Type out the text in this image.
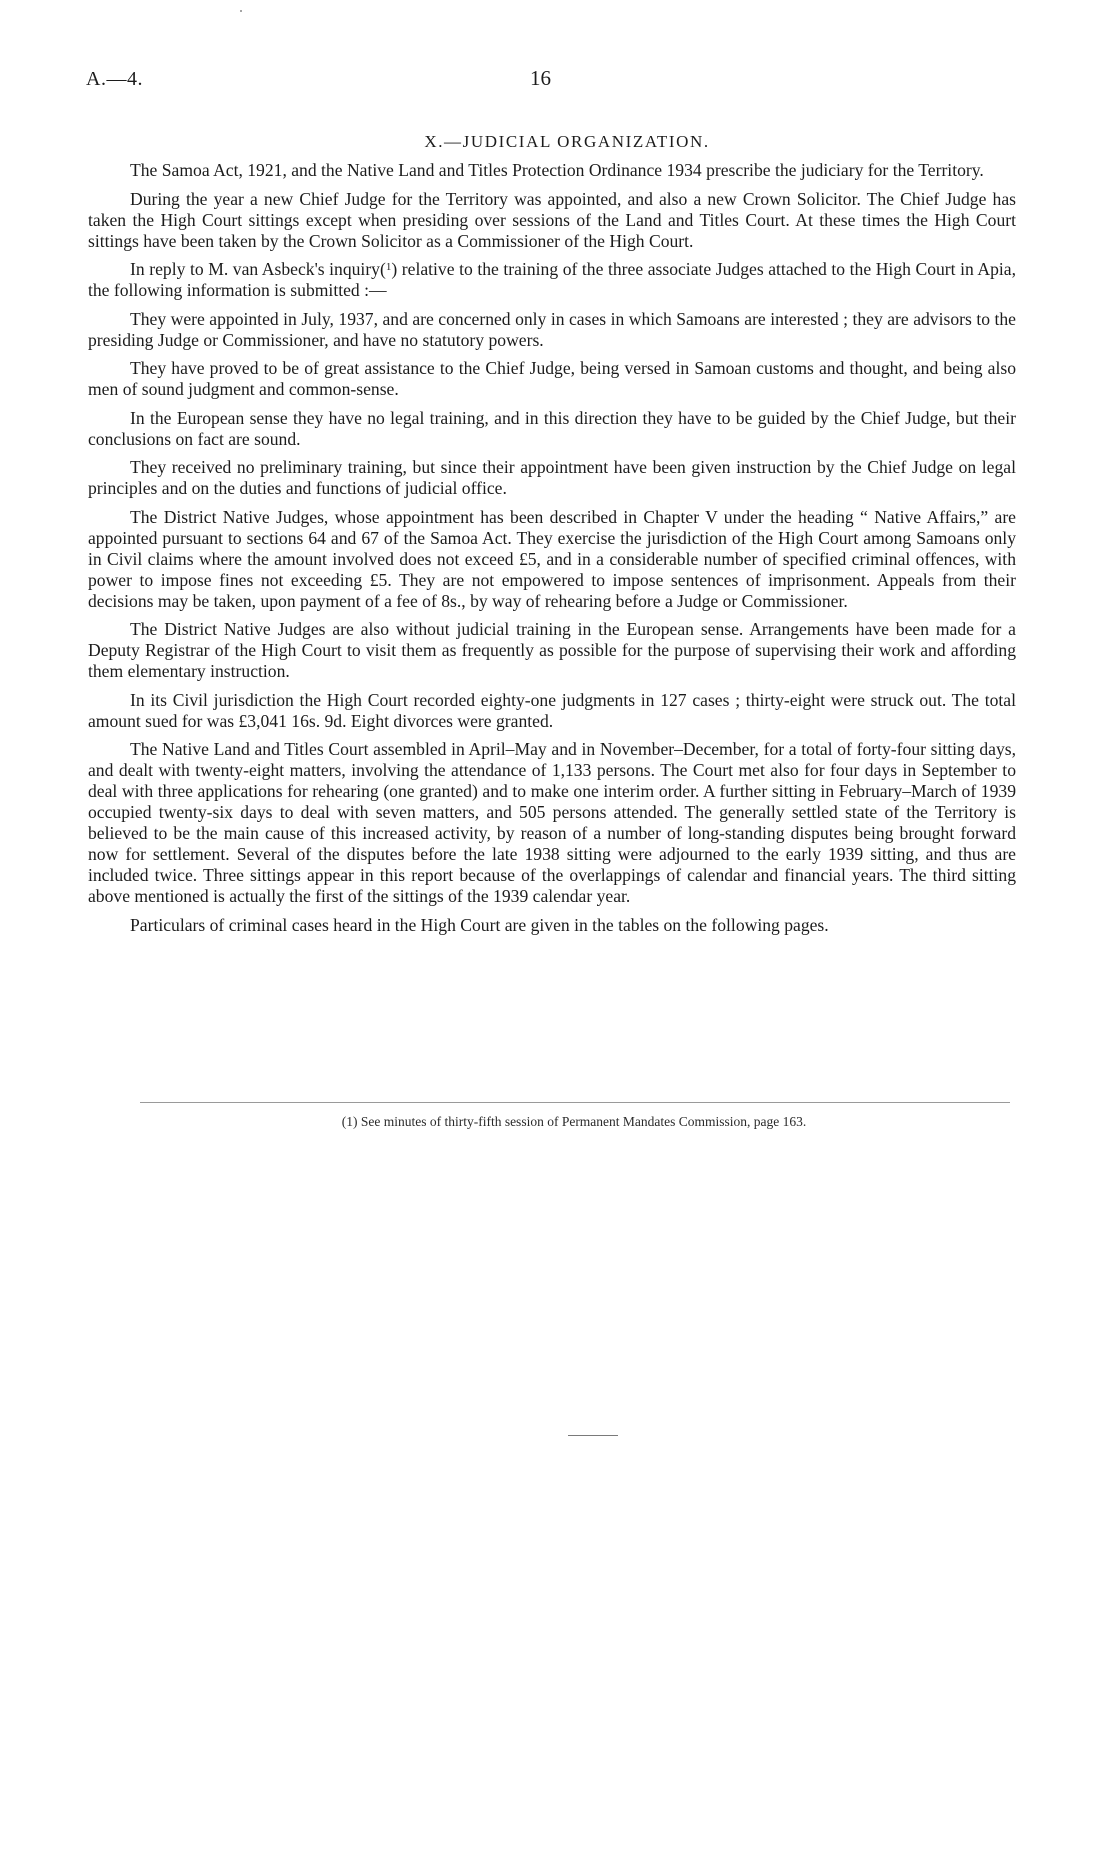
A.—4.	16
X.—JUDICIAL ORGANIZATION.

The Samoa Act, 1921, and the Native Land and Titles Protection Ordinance 1934 prescribe the judiciary for the Territory.

During the year a new Chief Judge for the Territory was appointed, and also a new Crown Solicitor. The Chief Judge has taken the High Court sittings except when presiding over sessions of the Land and Titles Court. At these times the High Court sittings have been taken by the Crown Solicitor as a Commissioner of the High Court.

In reply to M. van Asbeck's inquiry($^1$) relative to the training of the three associate Judges attached to the High Court in Apia, the following information is submitted :—

They were appointed in July, 1937, and are concerned only in cases in which Samoans are interested ; they are advisors to the presiding Judge or Commissioner, and have no statutory powers.

They have proved to be of great assistance to the Chief Judge, being versed in Samoan customs and thought, and being also men of sound judgment and common-sense.

In the European sense they have no legal training, and in this direction they have to be guided by the Chief Judge, but their conclusions on fact are sound.

They received no preliminary training, but since their appointment have been given instruction by the Chief Judge on legal principles and on the duties and functions of judicial office.

The District Native Judges, whose appointment has been described in Chapter V under the heading “ Native Affairs,” are appointed pursuant to sections 64 and 67 of the Samoa Act. They exercise the jurisdiction of the High Court among Samoans only in Civil claims where the amount involved does not exceed £5, and in a considerable number of specified criminal offences, with power to impose fines not exceeding £5. They are not empowered to impose sentences of imprisonment. Appeals from their decisions may be taken, upon payment of a fee of 8s., by way of rehearing before a Judge or Commissioner.

The District Native Judges are also without judicial training in the European sense. Arrangements have been made for a Deputy Registrar of the High Court to visit them as frequently as possible for the purpose of supervising their work and affording them elementary instruction.

In its Civil jurisdiction the High Court recorded eighty-one judgments in 127 cases ; thirty-eight were struck out. The total amount sued for was £3,041 16s. 9d. Eight divorces were granted.

The Native Land and Titles Court assembled in April–May and in November–December, for a total of forty-four sitting days, and dealt with twenty-eight matters, involving the attendance of 1,133 persons. The Court met also for four days in September to deal with three applications for rehearing (one granted) and to make one interim order. A further sitting in February–March of 1939 occupied twenty-six days to deal with seven matters, and 505 persons attended. The generally settled state of the Territory is believed to be the main cause of this increased activity, by reason of a number of long-standing disputes being brought forward now for settlement. Several of the disputes before the late 1938 sitting were adjourned to the early 1939 sitting, and thus are included twice. Three sittings appear in this report because of the overlappings of calendar and financial years. The third sitting above mentioned is actually the first of the sittings of the 1939 calendar year.

Particulars of criminal cases heard in the High Court are given in the tables on the following pages.

(1) See minutes of thirty-fifth session of Permanent Mandates Commission, page 163.
